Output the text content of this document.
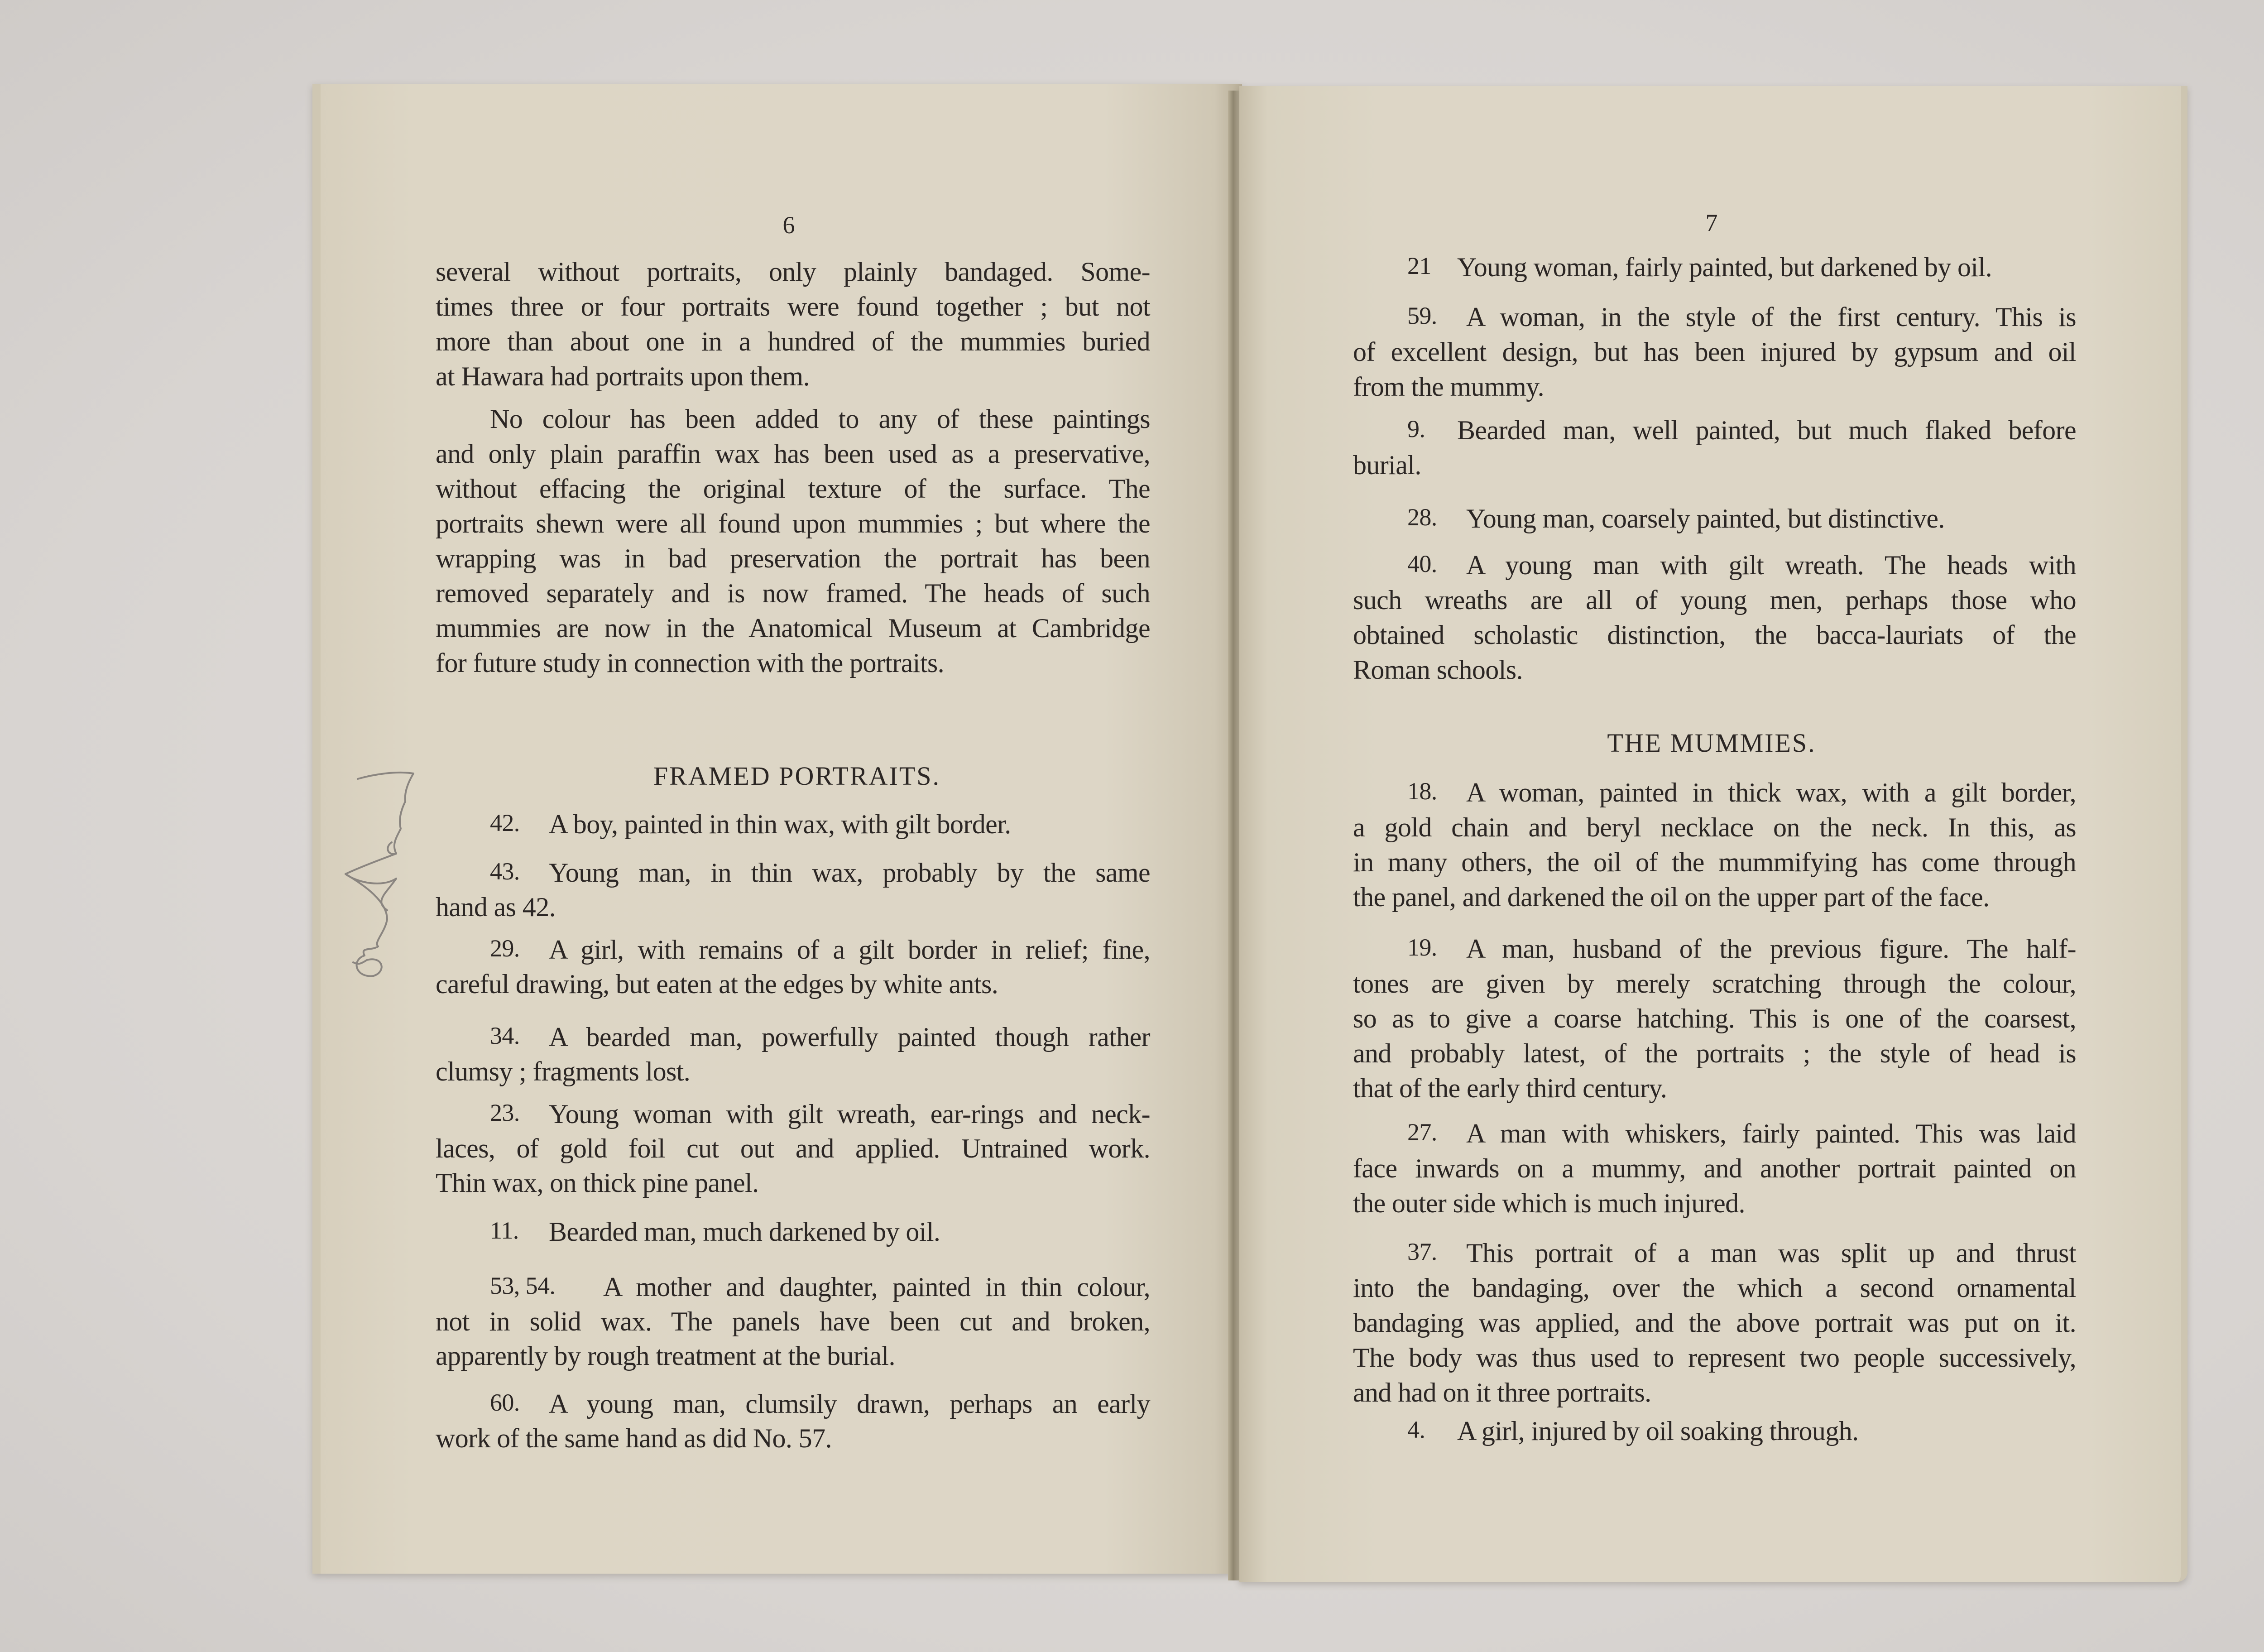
6
several without portraits, only plainly bandaged. Some-
times three or four portraits were found together ; but not
more than about one in a hundred of the mummies buried
at Hawara had portraits upon them.
No colour has been added to any of these paintings
and only plain paraffin wax has been used as a preservative,
without effacing the original texture of the surface. The
portraits shewn were all found upon mummies ; but where the
wrapping was in bad preservation the portrait has been
removed separately and is now framed. The heads of such
mummies are now in the Anatomical Museum at Cambridge
for future study in connection with the portraits.
42. A boy, painted in thin wax, with gilt border.
43. Young man, in thin wax, probably by the same
hand as 42.
29. A girl, with remains of a gilt border in relief; fine,
careful drawing, but eaten at the edges by white ants.
34. A bearded man, powerfully painted though rather
clumsy ; fragments lost.
23. Young woman with gilt wreath, ear-rings and neck-
laces, of gold foil cut out and applied. Untrained work.
Thin wax, on thick pine panel.
11. Bearded man, much darkened by oil.
53, 54. A mother and daughter, painted in thin colour,
not in solid wax. The panels have been cut and broken,
apparently by rough treatment at the burial.
60. A young man, clumsily drawn, perhaps an early
work of the same hand as did No. 57.
FRAMED PORTRAITS.
7
21 Young woman, fairly painted, but darkened by oil.
59. A woman, in the style of the first century. This is
of excellent design, but has been injured by gypsum and oil
from the mummy.
9. Bearded man, well painted, but much flaked before
burial.
28. Young man, coarsely painted, but distinctive.
40. A young man with gilt wreath. The heads with
such wreaths are all of young men, perhaps those who
obtained scholastic distinction, the bacca-lauriats of the
Roman schools.
18. A woman, painted in thick wax, with a gilt border,
a gold chain and beryl necklace on the neck. In this, as
in many others, the oil of the mummifying has come through
the panel, and darkened the oil on the upper part of the face.
19. A man, husband of the previous figure. The half-
tones are given by merely scratching through the colour,
so as to give a coarse hatching. This is one of the coarsest,
and probably latest, of the portraits ; the style of head is
that of the early third century.
27. A man with whiskers, fairly painted. This was laid
face inwards on a mummy, and another portrait painted on
the outer side which is much injured.
37. This portrait of a man was split up and thrust
into the bandaging, over the which a second ornamental
bandaging was applied, and the above portrait was put on it.
The body was thus used to represent two people successively,
and had on it three portraits.
4. A girl, injured by oil soaking through.
THE MUMMIES.
